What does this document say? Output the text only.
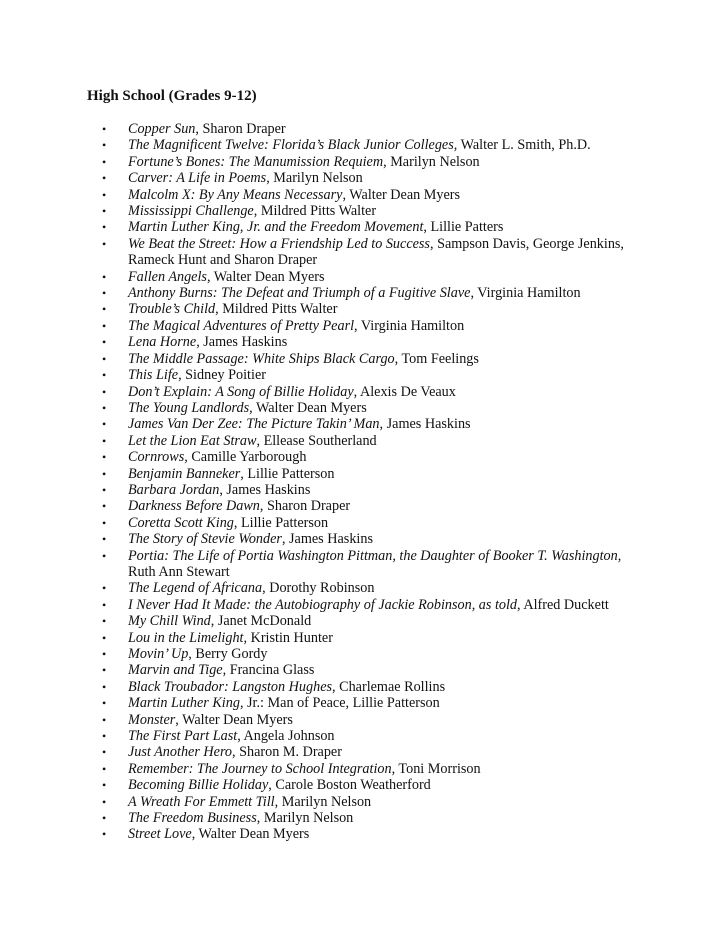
High School (Grades 9-12)
• Copper Sun, Sharon Draper
• The Magnificent Twelve: Florida’s Black Junior Colleges, Walter L. Smith, Ph.D.
• Fortune’s Bones: The Manumission Requiem, Marilyn Nelson
• Carver: A Life in Poems, Marilyn Nelson
• Malcolm X: By Any Means Necessary, Walter Dean Myers
• Mississippi Challenge, Mildred Pitts Walter
• Martin Luther King, Jr. and the Freedom Movement, Lillie Patters
• We Beat the Street: How a Friendship Led to Success, Sampson Davis, George Jenkins,
Rameck Hunt and Sharon Draper
• Fallen Angels, Walter Dean Myers
• Anthony Burns: The Defeat and Triumph of a Fugitive Slave, Virginia Hamilton
• Trouble’s Child, Mildred Pitts Walter
• The Magical Adventures of Pretty Pearl, Virginia Hamilton
• Lena Horne, James Haskins
• The Middle Passage: White Ships Black Cargo, Tom Feelings
• This Life, Sidney Poitier
• Don’t Explain: A Song of Billie Holiday, Alexis De Veaux
• The Young Landlords, Walter Dean Myers
• James Van Der Zee: The Picture Takin’ Man, James Haskins
• Let the Lion Eat Straw, Ellease Southerland
• Cornrows, Camille Yarborough
• Benjamin Banneker, Lillie Patterson
• Barbara Jordan, James Haskins
• Darkness Before Dawn, Sharon Draper
• Coretta Scott King, Lillie Patterson
• The Story of Stevie Wonder, James Haskins
• Portia: The Life of Portia Washington Pittman, the Daughter of Booker T. Washington,
Ruth Ann Stewart
• The Legend of Africana, Dorothy Robinson
• I Never Had It Made: the Autobiography of Jackie Robinson, as told, Alfred Duckett
• My Chill Wind, Janet McDonald
• Lou in the Limelight, Kristin Hunter
• Movin’ Up, Berry Gordy
• Marvin and Tige, Francina Glass
• Black Troubador: Langston Hughes, Charlemae Rollins
• Martin Luther King, Jr.: Man of Peace, Lillie Patterson
• Monster, Walter Dean Myers
• The First Part Last, Angela Johnson
• Just Another Hero, Sharon M. Draper
• Remember: The Journey to School Integration, Toni Morrison
• Becoming Billie Holiday, Carole Boston Weatherford
• A Wreath For Emmett Till, Marilyn Nelson
• The Freedom Business, Marilyn Nelson
• Street Love, Walter Dean Myers
